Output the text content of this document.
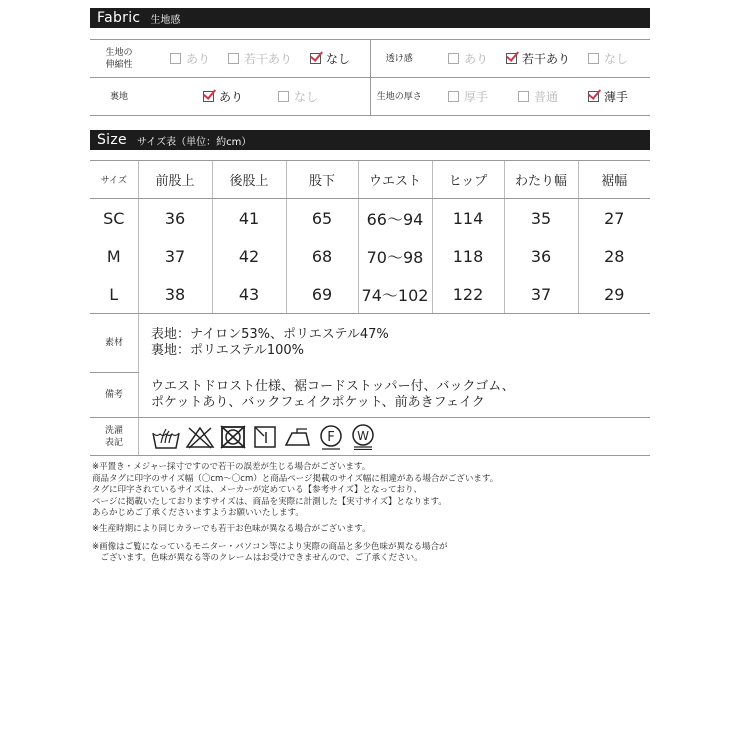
Fabric 生地感
生地の
伸縮性	あり 若干あり なし	透け感	あり 若干あり なし

裏地	あり なし	生地の厚さ	厚手 普通 薄手
Size サイズ表（単位：約cm）
サイズ	前股上	後股上	股下	ウエスト	ヒップ	わたり幅	裾幅
SC	36	41	65	66〜94	114	35	27
M	37	42	68	70〜98	118	36	28
L	38	43	69	74〜102	122	37	29
素材	表地：ナイロン53%、ポリエステル47%
裏地：ポリエステル100%

備考	ウエストドロスト仕様、裾コードストッパー付、バックゴム、
ポケットあり、バックフェイクポケット、前あきフェイク

洗濯
表記	F W

※平置き・メジャー採寸ですので若干の誤差が生じる場合がございます。

商品タグに印字のサイズ幅（〇cm〜〇cm）と商品ページ掲載のサイズ幅に相違がある場合がございます。

タグに印字されているサイズは、メーカーが定めている【参考サイズ】となっており、

ページに掲載いたしておりますサイズは、商品を実際に計測した【実寸サイズ】となります。

あらかじめご了承くださいますようお願いいたします。

※生産時期により同じカラーでも若干お色味が異なる場合がございます。

※画像はご覧になっているモニター・パソコン等により実際の商品と多少色味が異なる場合が

　ございます。色味が異なる等のクレームはお受けできませんので、ご了承ください。
